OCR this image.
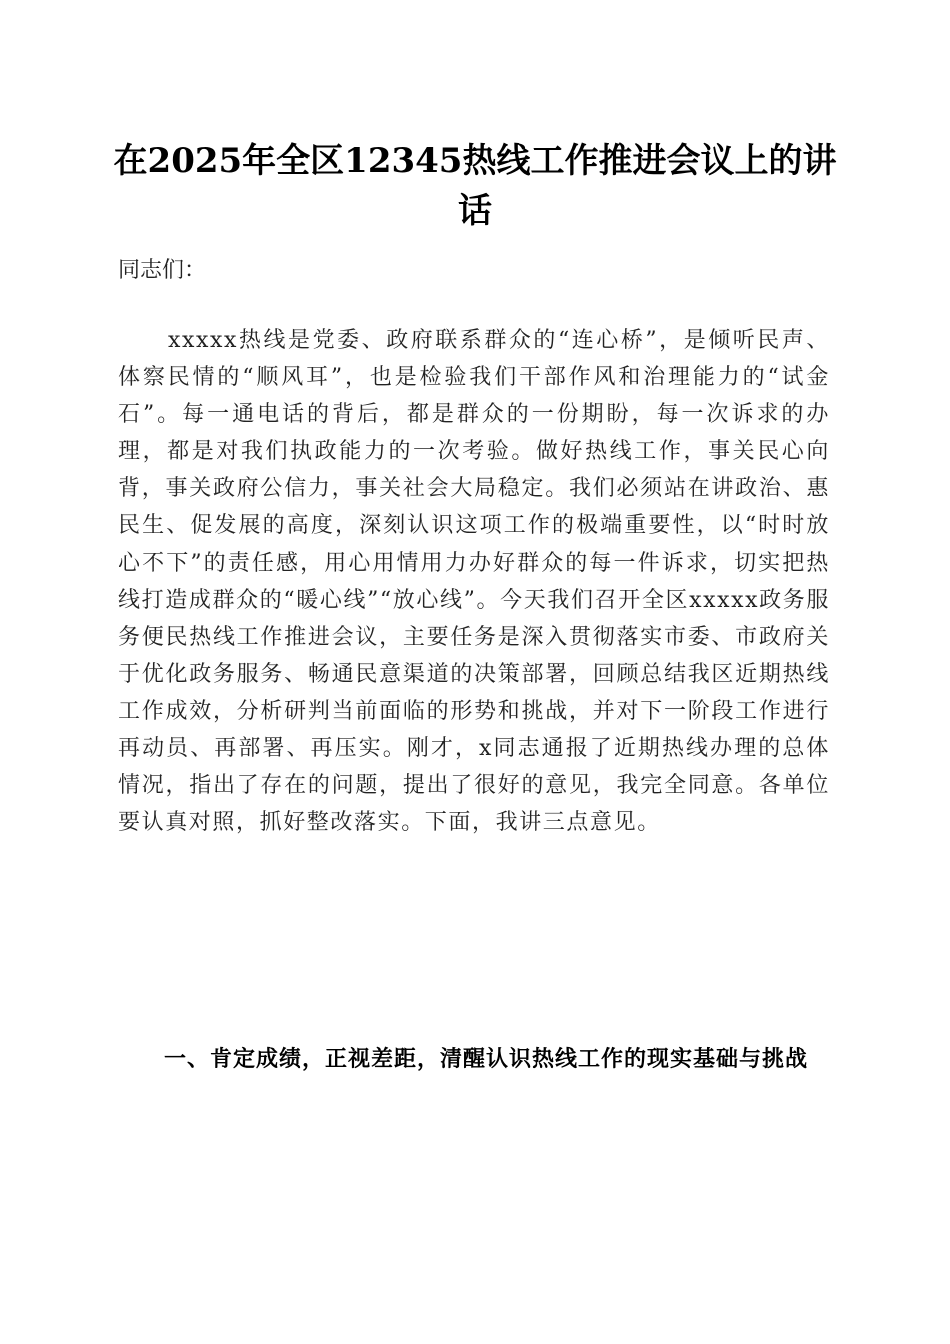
在2025年全区12345热线工作推进会议上的讲话

同志们：

xxxxx热线是党委、政府联系群众的“连心桥”，是倾听民声、体察民情的“顺风耳”，也是检验我们干部作风和治理能力的“试金石”。每一通电话的背后，都是群众的一份期盼，每一次诉求的办理，都是对我们执政能力的一次考验。做好热线工作，事关民心向背，事关政府公信力，事关社会大局稳定。我们必须站在讲政治、惠民生、促发展的高度，深刻认识这项工作的极端重要性，以“时时放心不下”的责任感，用心用情用力办好群众的每一件诉求，切实把热线打造成群众的“暖心线”“放心线”。今天我们召开全区xxxxx政务服务便民热线工作推进会议，主要任务是深入贯彻落实市委、市政府关于优化政务服务、畅通民意渠道的决策部署，回顾总结我区近期热线工作成效，分析研判当前面临的形势和挑战，并对下一阶段工作进行再动员、再部署、再压实。刚才，x同志通报了近期热线办理的总体情况，指出了存在的问题，提出了很好的意见，我完全同意。各单位要认真对照，抓好整改落实。下面，我讲三点意见。

一、肯定成绩，正视差距，清醒认识热线工作的现实基础与挑战
